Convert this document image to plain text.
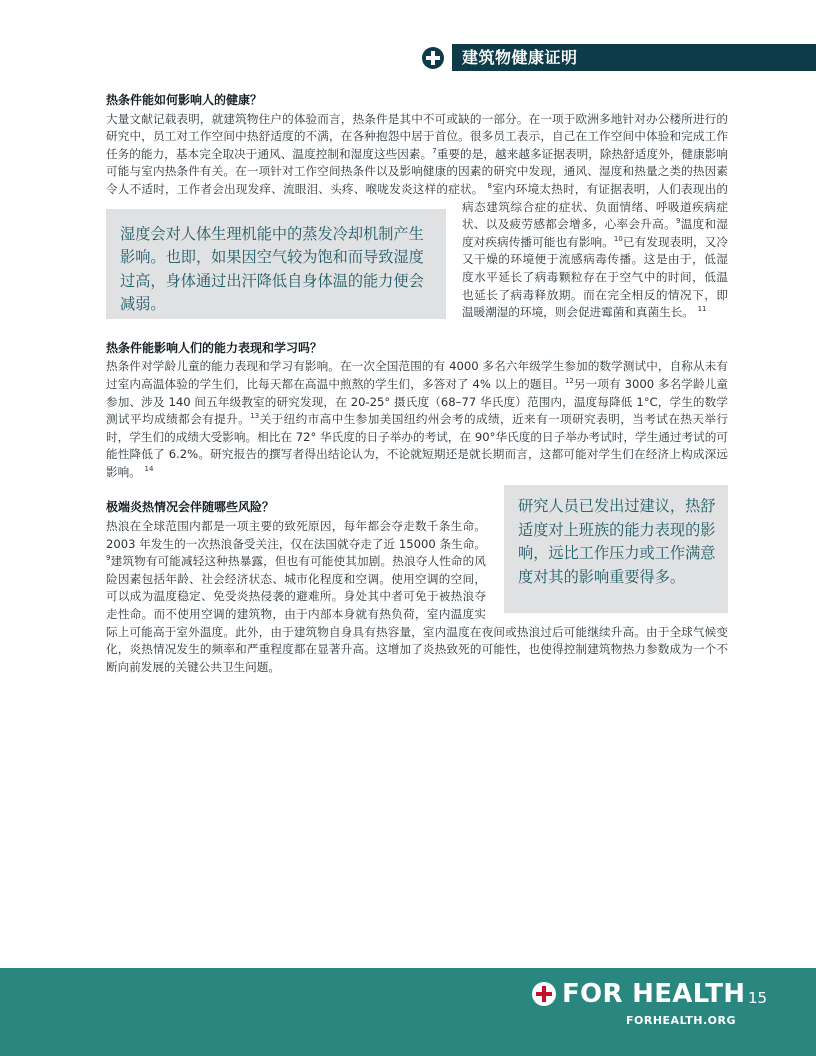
建筑物健康证明
热条件能如何影响人的健康？

大量文献记载表明，就建筑物住户的体验而言，热条件是其中不可或缺的一部分。在一项于欧洲多地针对办公楼所进行的研究中，员工对工作空间中热舒适度的不满，在各种抱怨中居于首位。很多员工表示，自己在工作空间中体验和完成工作任务的能力，基本完全取决于通风、温度控制和湿度这些因素。$^7$重要的是，越来越多证据表明，除热舒适度外，健康影响可能与室内热条件有关。在一项针对工作空间热条件以及影响健康的因素的研究中发现，通风、湿度和热量之类的热因素令人不适时，工作者会出现发痒、流眼泪、头疼、喉咙发炎这样的症状。
湿度会对人体生理机能中的蒸发冷却机制产生影响。也即，如果因空气较为饱和而导致湿度过高，身体通过出汗降低自身体温的能力便会减弱。
$^8$室内环境太热时，有证据表明，人们表现出的病态建筑综合症的症状、负面情绪、呼吸道疾病症状、以及疲劳感都会增多，心率会升高。$^9$温度和湿度对疾病传播可能也有影响。$^{10}$已有发现表明，又冷又干燥的环境便于流感病毒传播。这是由于，低湿度水平延长了病毒颗粒存在于空气中的时间，低温也延长了病毒释放期。而在完全相反的情况下，即温暖潮湿的环境，则会促进霉菌和真菌生长。 $^{11}$

热条件能影响人们的能力表现和学习吗？

热条件对学龄儿童的能力表现和学习有影响。在一次全国范围的有 4000 多名六年级学生参加的数学测试中，自称从未有过室内高温体验的学生们，比每天都在高温中煎熬的学生们，多答对了 4% 以上的题目。$^{12}$另一项有 3000 多名学龄儿童参加、涉及 140 间五年级教室的研究发现，在 20-25° 摄氏度（68–77 华氏度）范围内，温度每降低 1°C，学生的数学测试平均成绩都会有提升。$^{13}$关于纽约市高中生参加美国纽约州会考的成绩，近来有一项研究表明，当考试在热天举行时，学生们的成绩大受影响。相比在 72° 华氏度的日子举办的考试，在 90°华氏度的日子举办考试时，学生通过考试的可能性降低了 6.2%。研究报告的撰写者得出结论认为，不论就短期还是就长期而言，这都可能对学生们在经济上构成深远影响。 $^{14}$

研究人员已发出过建议，热舒适度对上班族的能力表现的影响，远比工作压力或工作满意度对其的影响重要得多。
极端炎热情况会伴随哪些风险？

热浪在全球范围内都是一项主要的致死原因，每年都会夺走数千条生命。2003 年发生的一次热浪备受关注，仅在法国就夺走了近 15000 条生命。$^9$建筑物有可能减轻这种热暴露，但也有可能使其加剧。热浪夺人性命的风险因素包括年龄、社会经济状态、城市化程度和空调。使用空调的空间，可以成为温度稳定、免受炎热侵袭的避难所。身处其中者可免于被热浪夺走性命。而不使用空调的建筑物，由于内部本身就有热负荷，室内温度实际上可能高于室外温度。此外，由于建筑物自身具有热容量，室内温度在夜间或热浪过后可能继续升高。由于全球气候变化，炎热情况发生的频率和严重程度都在显著升高。这增加了炎热致死的可能性，也使得控制建筑物热力参数成为一个不断向前发展的关键公共卫生问题。

FOR HEALTH 15
FORHEALTH.ORG
